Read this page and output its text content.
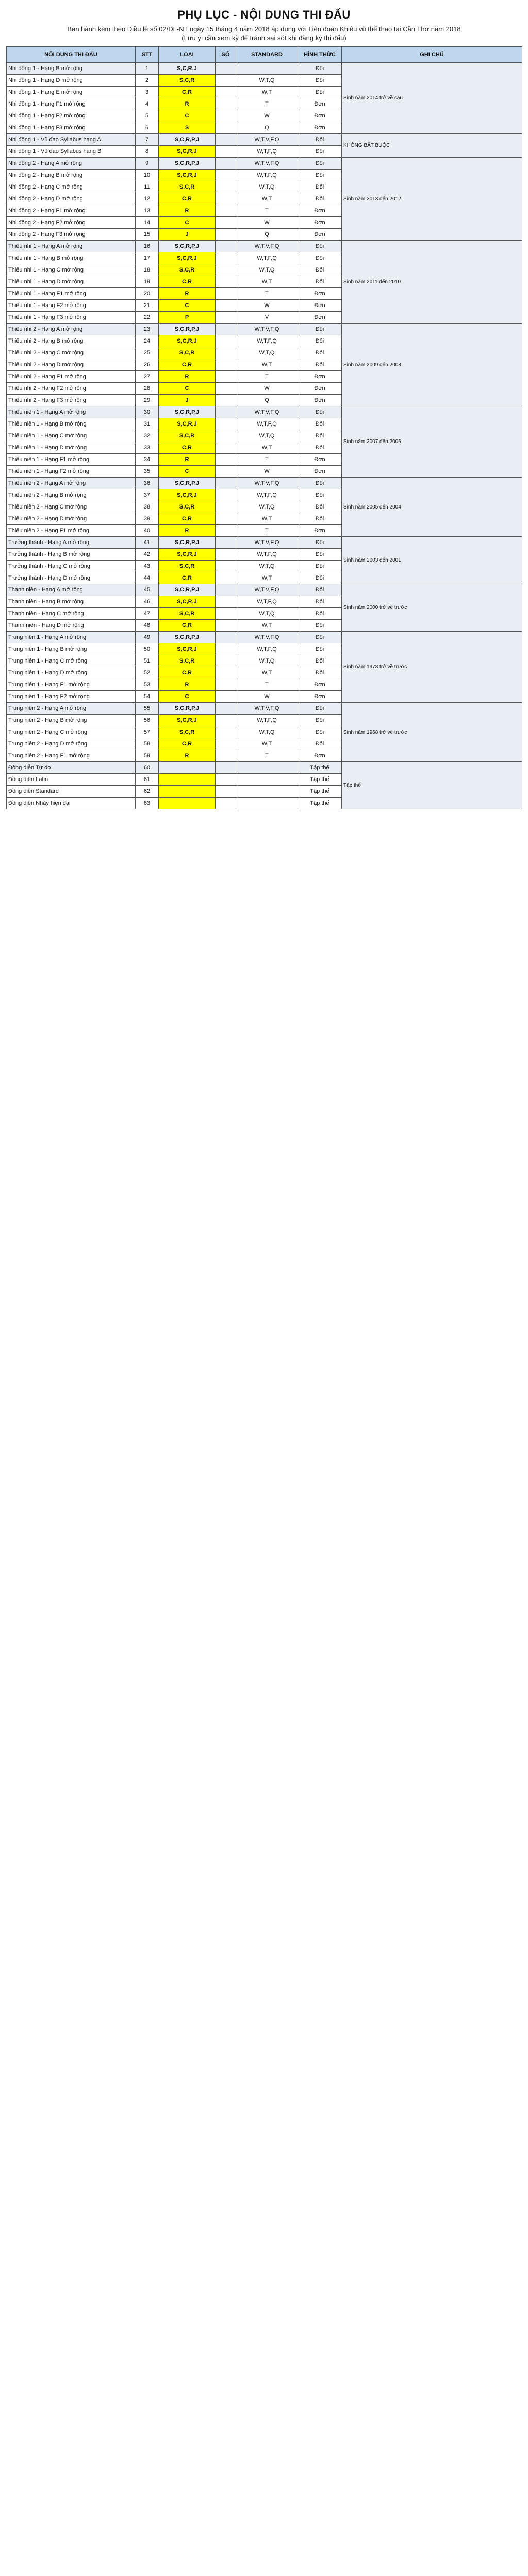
PHỤ LỤC - NỘI DUNG THI ĐẤU
Ban hành kèm theo Điều lệ số 02/ĐL-NT ngày 15 tháng 4 năm 2018 áp dụng với Liên đoàn Khiêu vũ thể thao tại Cần Thơ năm 2018
(Lưu ý: cần xem kỹ để tránh sai sót khi đăng ký thi đấu)
NỘI DUNG THI ĐẤU	STT	LOẠI	SỐ	STANDARD	HÌNH THỨC	GHI CHÚ
Nhi đồng 1 - Hạng B mở rộng	1	S,C,R,J			Đôi	Sinh năm 2014 trở về sau
Nhi đồng 1 - Hạng D mở rộng	2	S,C,R		W,T,Q	Đôi	
Nhi đồng 1 - Hạng E mở rộng	3	C,R		W,T	Đôi	
Nhi đồng 1 - Hạng F1 mở rộng	4	R		T	Đơn	
Nhi đồng 1 - Hạng F2 mở rộng	5	C		W	Đơn	
Nhi đồng 1 - Hạng F3 mở rộng	6	S		Q	Đơn	
Nhi đồng 1 - Vũ đạo Syllabus hạng A	7	S,C,R,P,J		W,T,V,F,Q	Đôi	KHÔNG BẮT BUỘC
Nhi đồng 1 - Vũ đạo Syllabus hạng B	8	S,C,R,J		W,T,F,Q	Đôi	
Nhi đồng 2 - Hạng A mở rộng	9	S,C,R,P,J		W,T,V,F,Q	Đôi	Sinh năm 2013 đến 2012
Nhi đồng 2 - Hạng B mở rộng	10	S,C,R,J		W,T,F,Q	Đôi	
Nhi đồng 2 - Hạng C mở rộng	11	S,C,R		W,T,Q	Đôi	
Nhi đồng 2 - Hạng D mở rộng	12	C,R		W,T	Đôi	
Nhi đồng 2 - Hạng F1 mở rộng	13	R		T	Đơn	
Nhi đồng 2 - Hạng F2 mở rộng	14	C		W	Đơn	
Nhi đồng 2 - Hạng F3 mở rộng	15	J		Q	Đơn	
Thiếu nhi 1 - Hạng A mở rộng	16	S,C,R,P,J		W,T,V,F,Q	Đôi	Sinh năm 2011 đến 2010
Thiếu nhi 1 - Hạng B mở rộng	17	S,C,R,J		W,T,F,Q	Đôi	
Thiếu nhi 1 - Hạng C mở rộng	18	S,C,R		W,T,Q	Đôi	
Thiếu nhi 1 - Hạng D mở rộng	19	C,R		W,T	Đôi	
Thiếu nhi 1 - Hạng F1 mở rộng	20	R		T	Đơn	
Thiếu nhi 1 - Hạng F2 mở rộng	21	C		W	Đơn	
Thiếu nhi 1 - Hạng F3 mở rộng	22	P		V	Đơn	
Thiếu nhi 2 - Hạng A mở rộng	23	S,C,R,P,J		W,T,V,F,Q	Đôi	Sinh năm 2009 đến 2008
Thiếu nhi 2 - Hạng B mở rộng	24	S,C,R,J		W,T,F,Q	Đôi	
Thiếu nhi 2 - Hạng C mở rộng	25	S,C,R		W,T,Q	Đôi	
Thiếu nhi 2 - Hạng D mở rộng	26	C,R		W,T	Đôi	
Thiếu nhi 2 - Hạng F1 mở rộng	27	R		T	Đơn	
Thiếu nhi 2 - Hạng F2 mở rộng	28	C		W	Đơn	
Thiếu nhi 2 - Hạng F3 mở rộng	29	J		Q	Đơn	
Thiếu niên 1 - Hạng A mở rộng	30	S,C,R,P,J		W,T,V,F,Q	Đôi	Sinh năm 2007 đến 2006
Thiếu niên 1 - Hạng B mở rộng	31	S,C,R,J		W,T,F,Q	Đôi	
Thiếu niên 1 - Hạng C mở rộng	32	S,C,R		W,T,Q	Đôi	
Thiếu niên 1 - Hạng D mở rộng	33	C,R		W,T	Đôi	
Thiếu niên 1 - Hạng F1 mở rộng	34	R		T	Đơn	
Thiếu niên 1 - Hạng F2 mở rộng	35	C		W	Đơn	
Thiếu niên 2 - Hạng A mở rộng	36	S,C,R,P,J		W,T,V,F,Q	Đôi	Sinh năm 2005 đến 2004
Thiếu niên 2 - Hạng B mở rộng	37	S,C,R,J		W,T,F,Q	Đôi	
Thiếu niên 2 - Hạng C mở rộng	38	S,C,R		W,T,Q	Đôi	
Thiếu niên 2 - Hạng D mở rộng	39	C,R		W,T	Đôi	
Thiếu niên 2 - Hạng F1 mở rộng	40	R		T	Đơn	
Trưởng thành - Hạng A mở rộng	41	S,C,R,P,J		W,T,V,F,Q	Đôi	Sinh năm 2003 đến 2001
Trưởng thành - Hạng B mở rộng	42	S,C,R,J		W,T,F,Q	Đôi	
Trưởng thành - Hạng C mở rộng	43	S,C,R		W,T,Q	Đôi	
Trưởng thành - Hạng D mở rộng	44	C,R		W,T	Đôi	
Thanh niên - Hạng A mở rộng	45	S,C,R,P,J		W,T,V,F,Q	Đôi	Sinh năm 2000 trở về trước
Thanh niên - Hạng B mở rộng	46	S,C,R,J		W,T,F,Q	Đôi	
Thanh niên - Hạng C mở rộng	47	S,C,R		W,T,Q	Đôi	
Thanh niên - Hạng D mở rộng	48	C,R		W,T	Đôi	
Trung niên 1 - Hạng A mở rộng	49	S,C,R,P,J		W,T,V,F,Q	Đôi	Sinh năm 1978 trở về trước
Trung niên 1 - Hạng B mở rộng	50	S,C,R,J		W,T,F,Q	Đôi	
Trung niên 1 - Hạng C mở rộng	51	S,C,R		W,T,Q	Đôi	
Trung niên 1 - Hạng D mở rộng	52	C,R		W,T	Đôi	
Trung niên 1 - Hạng F1 mở rộng	53	R		T	Đơn	
Trung niên 1 - Hạng F2 mở rộng	54	C		W	Đơn	
Trung niên 2 - Hạng A mở rộng	55	S,C,R,P,J		W,T,V,F,Q	Đôi	Sinh năm 1968 trở về trước
Trung niên 2 - Hạng B mở rộng	56	S,C,R,J		W,T,F,Q	Đôi	
Trung niên 2 - Hạng C mở rộng	57	S,C,R		W,T,Q	Đôi	
Trung niên 2 - Hạng D mở rộng	58	C,R		W,T	Đôi	
Trung niên 2 - Hạng F1 mở rộng	59	R		T	Đơn	
Đồng diễn Tự do	60				Tập thể	Tập thể
Đồng diễn Latin	61				Tập thể	
Đồng diễn Standard	62				Tập thể	
Đồng diễn Nhảy hiện đại	63				Tập thể	
